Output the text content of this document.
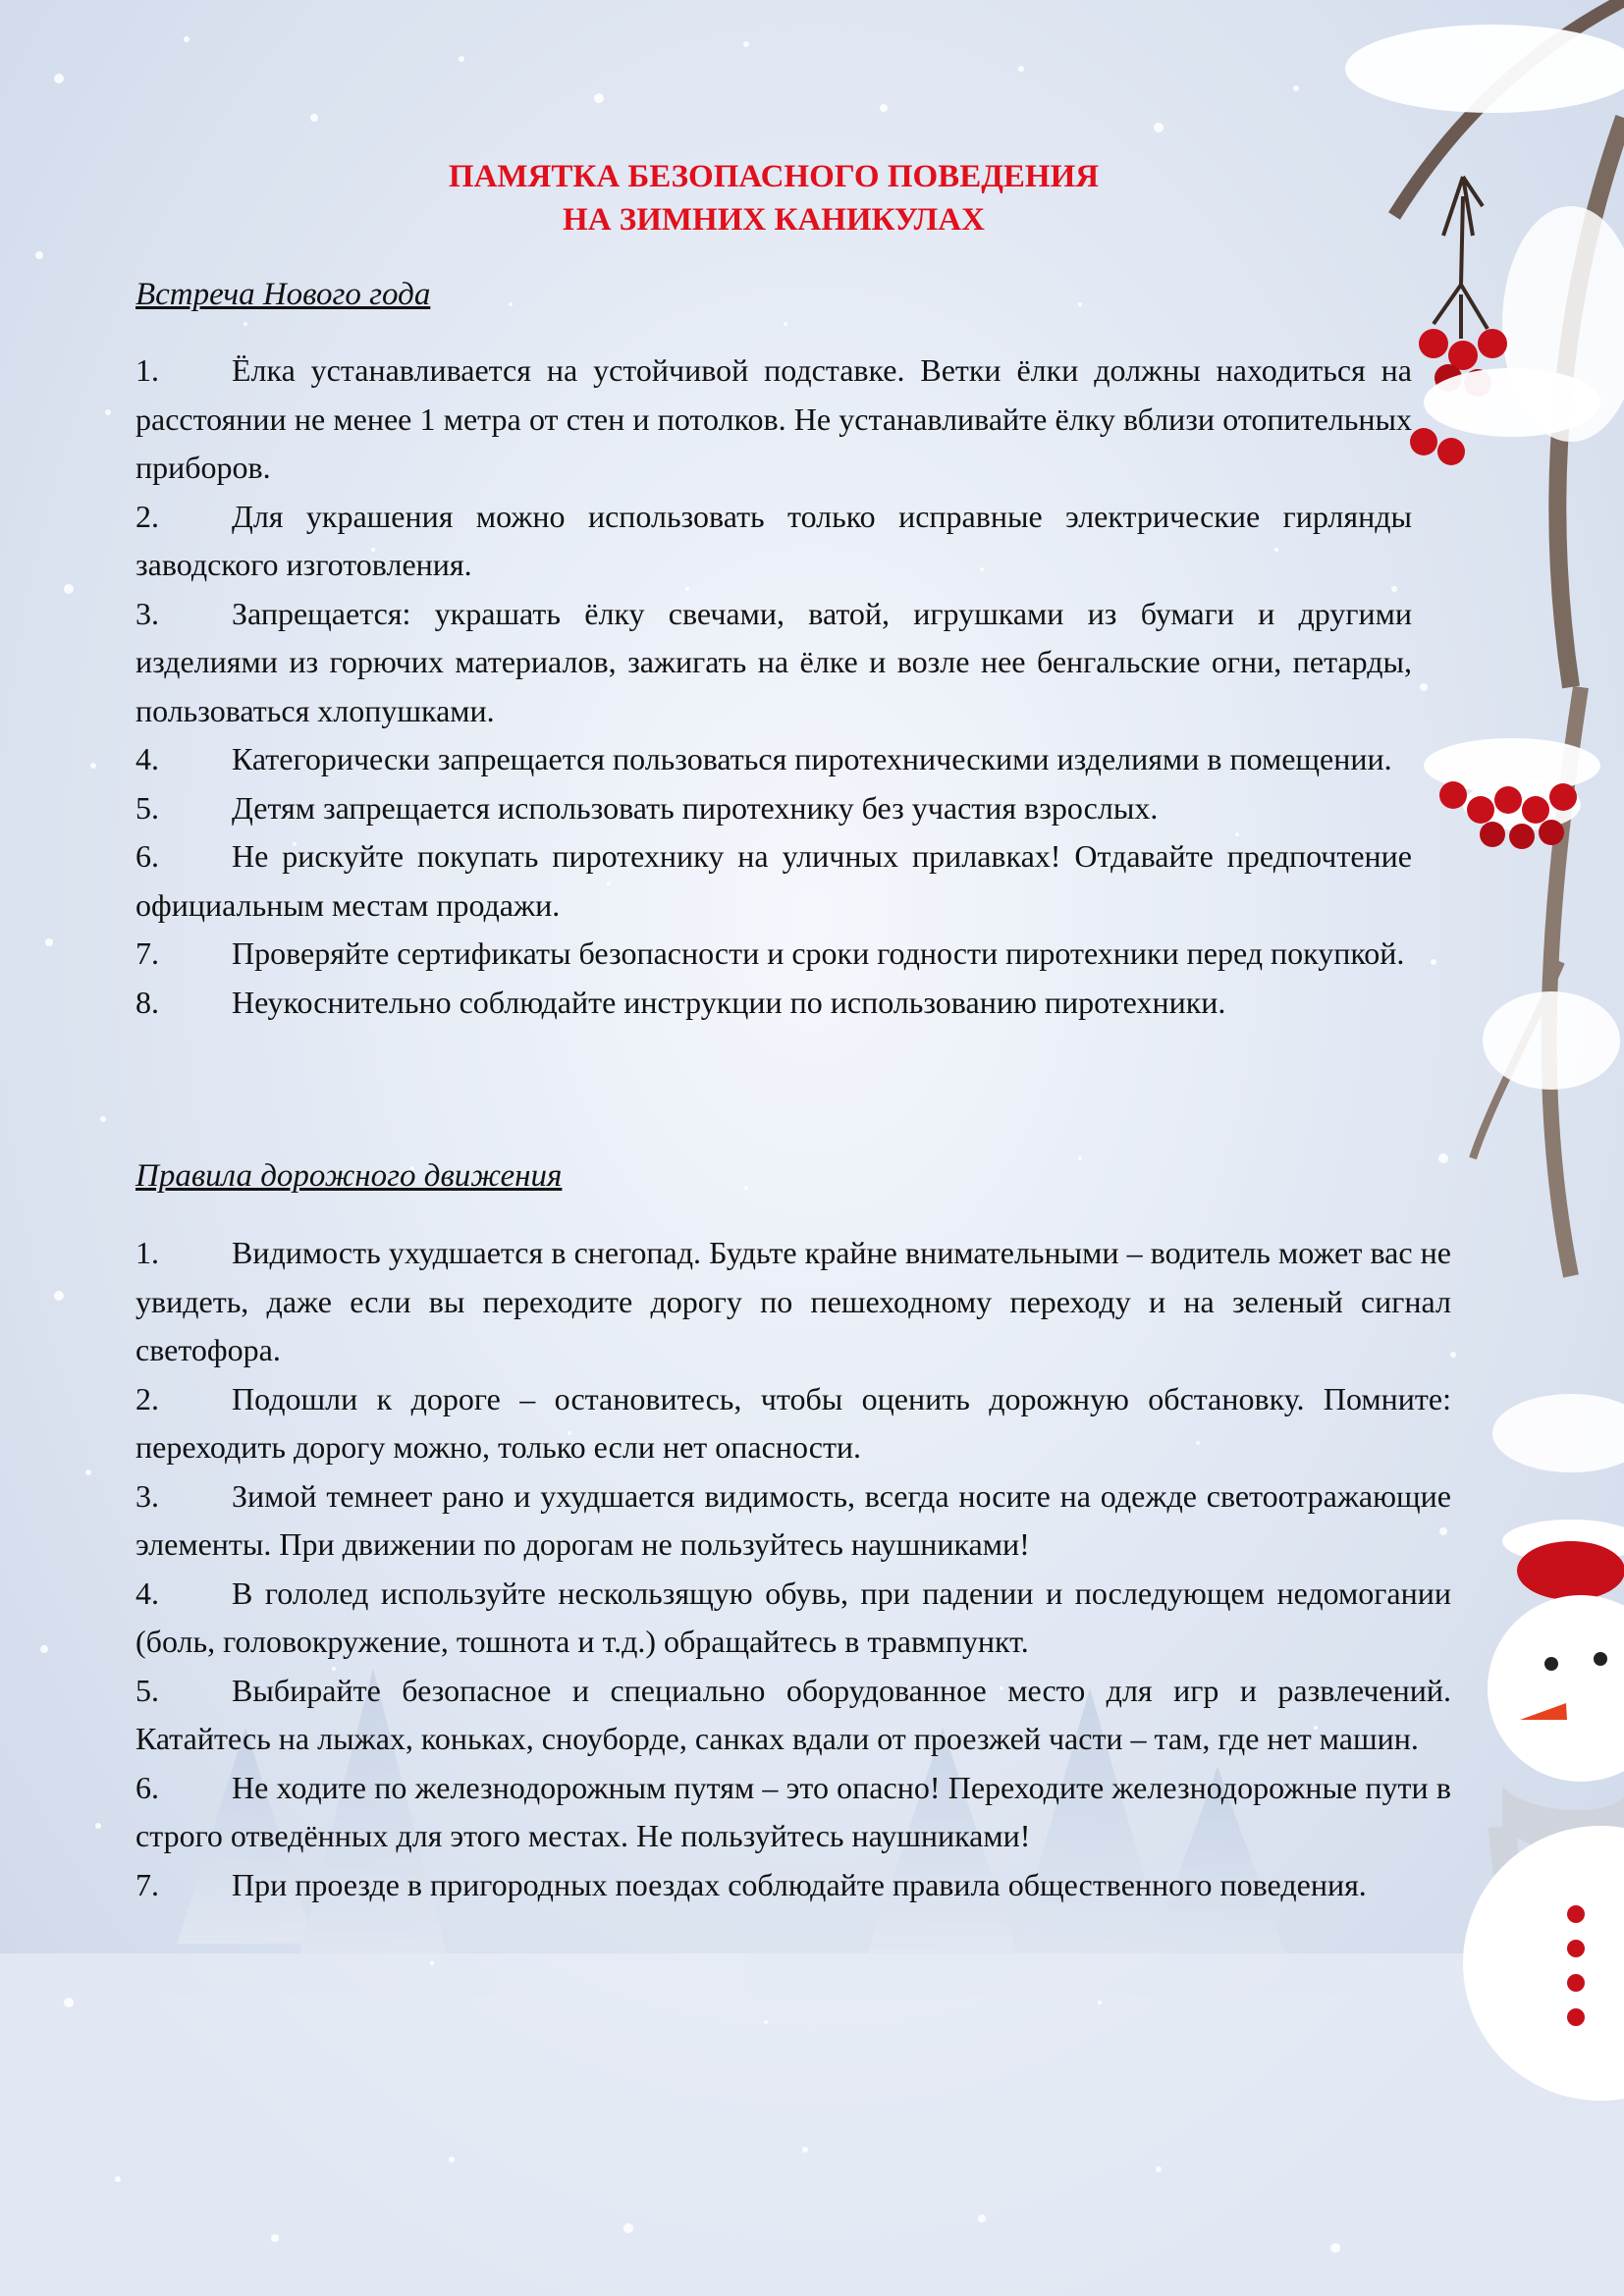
ПАМЯТКА БЕЗОПАСНОГО ПОВЕДЕНИЯ
НА ЗИМНИХ КАНИКУЛАХ
Встреча Нового года
1. Ёлка устанавливается на устойчивой подставке. Ветки ёлки должны находиться на расстоянии не менее 1 метра от стен и потолков. Не устанавливайте ёлку вблизи отопительных приборов.
2. Для украшения можно использовать только исправные электрические гирлянды заводского изготовления.
3. Запрещается: украшать ёлку свечами, ватой, игрушками из бумаги и другими изделиями из горючих материалов, зажигать на ёлке и возле нее бенгальские огни, петарды, пользоваться хлопушками.
4. Категорически запрещается пользоваться пиротехническими изделиями в помещении.
5. Детям запрещается использовать пиротехнику без участия взрослых.
6. Не рискуйте покупать пиротехнику на уличных прилавках! Отдавайте предпочтение официальным местам продажи.
7. Проверяйте сертификаты безопасности и сроки годности пиротехники перед покупкой.
8. Неукоснительно соблюдайте инструкции по использованию пиротехники.
Правила дорожного движения
1. Видимость ухудшается в снегопад. Будьте крайне внимательными – водитель может вас не увидеть, даже если вы переходите дорогу по пешеходному переходу и на зеленый сигнал светофора.
2. Подошли к дороге – остановитесь, чтобы оценить дорожную обстановку. Помните: переходить дорогу можно, только если нет опасности.
3. Зимой темнеет рано и ухудшается видимость, всегда носите на одежде светоотражающие элементы. При движении по дорогам не пользуйтесь наушниками!
4. В гололед используйте нескользящую обувь, при падении и последующем недомогании (боль, головокружение, тошнота и т.д.) обращайтесь в травмпункт.
5. Выбирайте безопасное и специально оборудованное место для игр и развлечений. Катайтесь на лыжах, коньках, сноуборде, санках вдали от проезжей части – там, где нет машин.
6. Не ходите по железнодорожным путям – это опасно! Переходите железнодорожные пути в строго отведённых для этого местах. Не пользуйтесь наушниками!
7. При проезде в пригородных поездах соблюдайте правила общественного поведения.
